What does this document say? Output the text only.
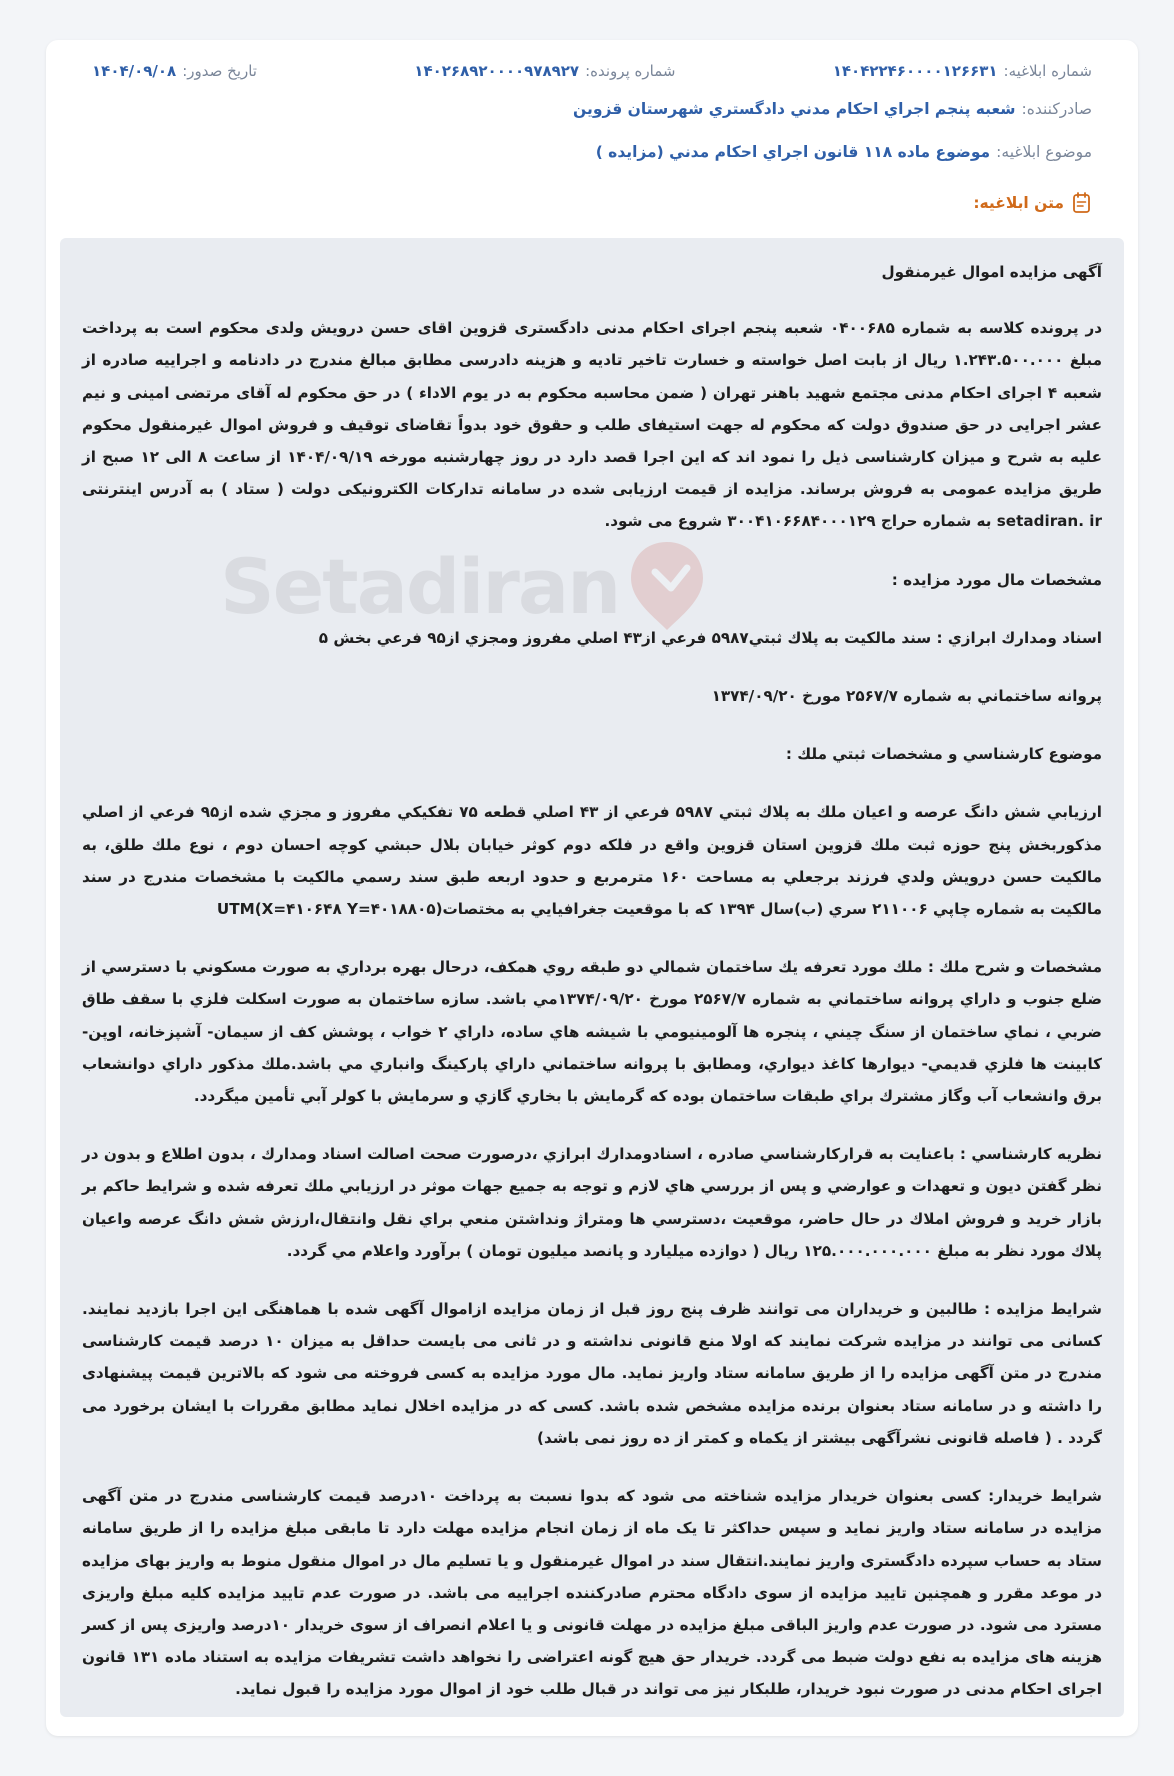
شماره ابلاغیه:
۱۴۰۴۲۲۴۶۰۰۰۰۱۲۶۶۳۱
شماره پرونده:
۱۴۰۲۶۸۹۲۰۰۰۰۹۷۸۹۲۷
تاریخ صدور:
۱۴۰۴/۰۹/۰۸
صادرکننده:
شعبه پنجم اجراي احكام مدني دادگستري شهرستان قزوين
موضوع ابلاغیه:
موضوع ماده ۱۱۸ قانون اجراي احكام مدني (مزايده )
متن ابلاغیه:
Setadiran

آگهی مزایده اموال غیرمنقول

در پرونده کلاسه به شماره ۰۴۰۰۶۸۵ شعبه پنجم اجرای احکام مدنی دادگستری قزوین اقای حسن درویش ولدی محکوم است به پرداخت مبلغ ۱.۲۴۳.۵۰۰.۰۰۰ ریال از بابت اصل خواسته و خسارت تاخیر تادیه و هزینه دادرسی مطابق مبالغ مندرج در دادنامه و اجراییه صادره از شعبه ۴ اجرای احکام مدنی مجتمع شهید باهنر تهران ( ضمن محاسبه محکوم به در یوم الاداء ) در حق محکوم له آقای مرتضی امینی و نیم عشر اجرایی در حق صندوق دولت که محکوم له جهت استیفای طلب و حقوق خود بدواً تقاضای توقیف و فروش اموال غیرمنقول محکوم علیه به شرح و میزان کارشناسی ذیل را نمود اند که این اجرا قصد دارد در روز چهارشنبه مورخه ۱۴۰۴/۰۹/۱۹ از ساعت ۸ الی ۱۲ صبح از طریق مزایده عمومی به فروش برساند. مزایده از قیمت ارزیابی شده در سامانه تدارکات الکترونیکی دولت ( ستاد ) به آدرس اینترنتی setadiran. ir به شماره حراج ۳۰۰۴۱۰۶۶۸۴۰۰۰۱۲۹ شروع می شود.

مشخصات مال مورد مزایده :

اسناد ومدارك ابرازي : سند مالكيت به پلاك ثبتي۵۹۸۷ فرعي از۴۳ اصلي مفروز ومجزي از۹۵ فرعي بخش ۵

پروانه ساختماني به شماره ۲۵۶۷/۷ مورخ ۱۳۷۴/۰۹/۲۰

موضوع كارشناسي و مشخصات ثبتي ملك :

ارزيابي شش دانگ عرصه و اعيان ملك به پلاك ثبتي ۵۹۸۷ فرعي از ۴۳ اصلي قطعه ۷۵ تفكيكي مفروز و مجزي شده از۹۵ فرعي از اصلي مذكوربخش پنج حوزه ثبت ملك قزوين استان قزوين واقع در فلكه دوم كوثر خيابان بلال حبشي كوچه احسان دوم ، نوع ملك طلق، به مالكيت حسن درويش ولدي فرزند برجعلي به مساحت ۱۶۰ مترمربع و حدود اربعه طبق سند رسمي مالكيت با مشخصات مندرج در سند مالكيت به شماره چاپي ۲۱۱۰۰۶ سري (ب)سال ۱۳۹۴ که با موقعيت جغرافيايي به مختصات(X=۴۱۰۶۴۸ Y=۴۰۱۸۸۰۵)UTM

مشخصات و شرح ملك : ملك مورد تعرفه يك ساختمان شمالي دو طبقه روي همكف، درحال بهره برداري به صورت مسكوني با دسترسي از ضلع جنوب و داراي پروانه ساختماني به شماره ۲۵۶۷/۷ مورخ ۱۳۷۴/۰۹/۲۰مي باشد. سازه ساختمان به صورت اسكلت فلزي با سقف طاق ضربي ، نماي ساختمان از سنگ چيني ، پنجره ها آلومينيومي با شيشه هاي ساده، داراي ۲ خواب ، پوشش كف از سيمان- آشپزخانه، اوپن- كابينت ها فلزي قديمي- ديوارها كاغذ ديواري، ومطابق با پروانه ساختماني داراي پاركينگ وانباري مي باشد.ملك مذكور داراي دوانشعاب برق وانشعاب آب وگاز مشترك براي طبقات ساختمان بوده كه گرمايش با بخاري گازي و سرمايش با كولر آبي تأمين ميگردد.

نظريه كارشناسي : باعنايت به قراركارشناسي صادره ، اسنادومدارك ابرازي ،درصورت صحت اصالت اسناد ومدارك ، بدون اطلاع و بدون در نظر گفتن ديون و تعهدات و عوارضي و پس از بررسي هاي لازم و توجه به جميع جهات موثر در ارزيابي ملك تعرفه شده و شرايط حاكم بر بازار خريد و فروش املاك در حال حاضر، موقعيت ،دسترسي ها ومتراژ ونداشتن منعي براي نقل وانتقال،ارزش شش دانگ عرصه واعيان پلاك مورد نظر به مبلغ ۱۲۵.۰۰۰.۰۰۰.۰۰۰ ريال ( دوازده ميلیارد و پانصد ميليون تومان ) برآورد واعلام مي گردد.

شرایط مزایده : طالبین و خریداران می توانند ظرف پنج روز قبل از زمان مزایده ازاموال آگهی شده با هماهنگی این اجرا بازدید نمایند. کسانی می توانند در مزایده شرکت نمایند که اولا منع قانونی نداشته و در ثانی می بایست حداقل به میزان ۱۰ درصد قیمت کارشناسی مندرج در متن آگهی مزایده را از طریق سامانه ستاد واریز نماید. مال مورد مزایده به کسی فروخته می شود که بالاترین قیمت پیشنهادی را داشته و در سامانه ستاد بعنوان برنده مزایده مشخص شده باشد. کسی که در مزایده اخلال نماید مطابق مقررات با ایشان برخورد می گردد . ( فاصله قانونی نشرآگهی بیشتر از یکماه و کمتر از ده روز نمی باشد)

شرایط خریدار: کسی بعنوان خریدار مزایده شناخته می شود که بدوا نسبت به پرداخت ۱۰درصد قیمت کارشناسی مندرج در متن آگهی مزایده در سامانه ستاد واریز نماید و سپس حداکثر تا یک ماه از زمان انجام مزایده مهلت دارد تا مابقی مبلغ مزایده را از طریق سامانه ستاد به حساب سپرده دادگستری واریز نمایند.انتقال سند در اموال غیرمنقول و یا تسلیم مال در اموال منقول منوط به واریز بهای مزایده در موعد مقرر و همچنین تایید مزایده از سوی دادگاه محترم صادرکننده اجراییه می باشد. در صورت عدم تایید مزایده کلیه مبلغ واریزی مسترد می شود. در صورت عدم واریز الباقی مبلغ مزایده در مهلت قانونی و یا اعلام انصراف از سوی خریدار ۱۰درصد واریزی پس از کسر هزینه های مزایده به نفع دولت ضبط می گردد. خریدار حق هیچ گونه اعتراضی را نخواهد داشت تشریفات مزایده به استناد ماده ۱۳۱ قانون اجرای احکام مدنی در صورت نبود خریدار، طلبکار نیز می تواند در قبال طلب خود از اموال مورد مزایده را قبول نماید.
